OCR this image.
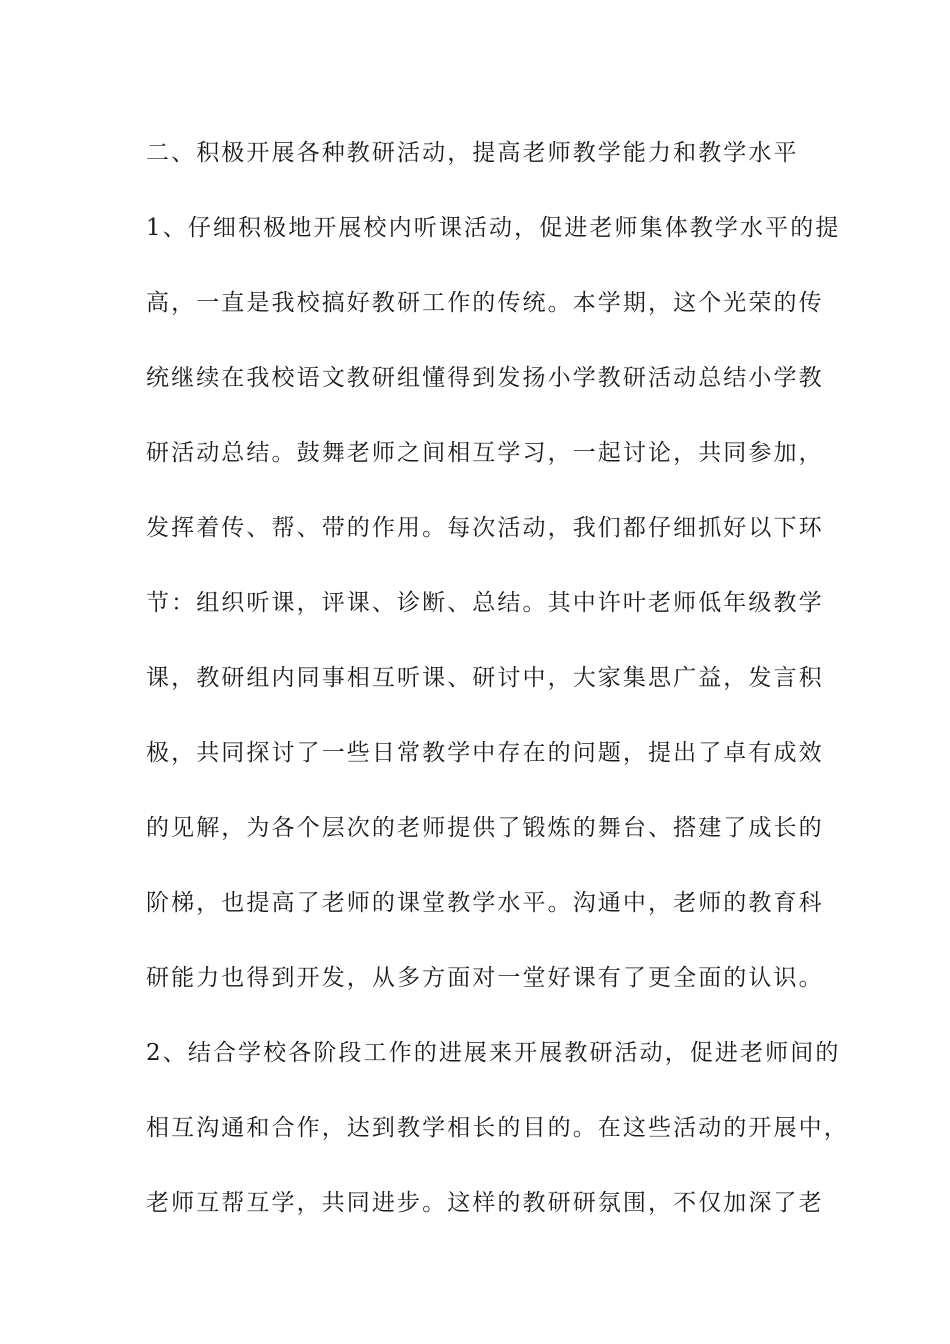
二、积极开展各种教研活动，提高老师教学能力和教学水平
1、仔细积极地开展校内听课活动，促进老师集体教学水平的提
高，一直是我校搞好教研工作的传统。本学期，这个光荣的传
统继续在我校语文教研组懂得到发扬小学教研活动总结小学教
研活动总结。鼓舞老师之间相互学习，一起讨论，共同参加，
发挥着传、帮、带的作用。每次活动，我们都仔细抓好以下环
节：组织听课，评课、诊断、总结。其中许叶老师低年级教学
课，教研组内同事相互听课、研讨中，大家集思广益，发言积
极，共同探讨了一些日常教学中存在的问题，提出了卓有成效
的见解，为各个层次的老师提供了锻炼的舞台、搭建了成长的
阶梯，也提高了老师的课堂教学水平。沟通中，老师的教育科
研能力也得到开发，从多方面对一堂好课有了更全面的认识。
2、结合学校各阶段工作的进展来开展教研活动，促进老师间的
相互沟通和合作，达到教学相长的目的。在这些活动的开展中，
老师互帮互学，共同进步。这样的教研研氛围，不仅加深了老
